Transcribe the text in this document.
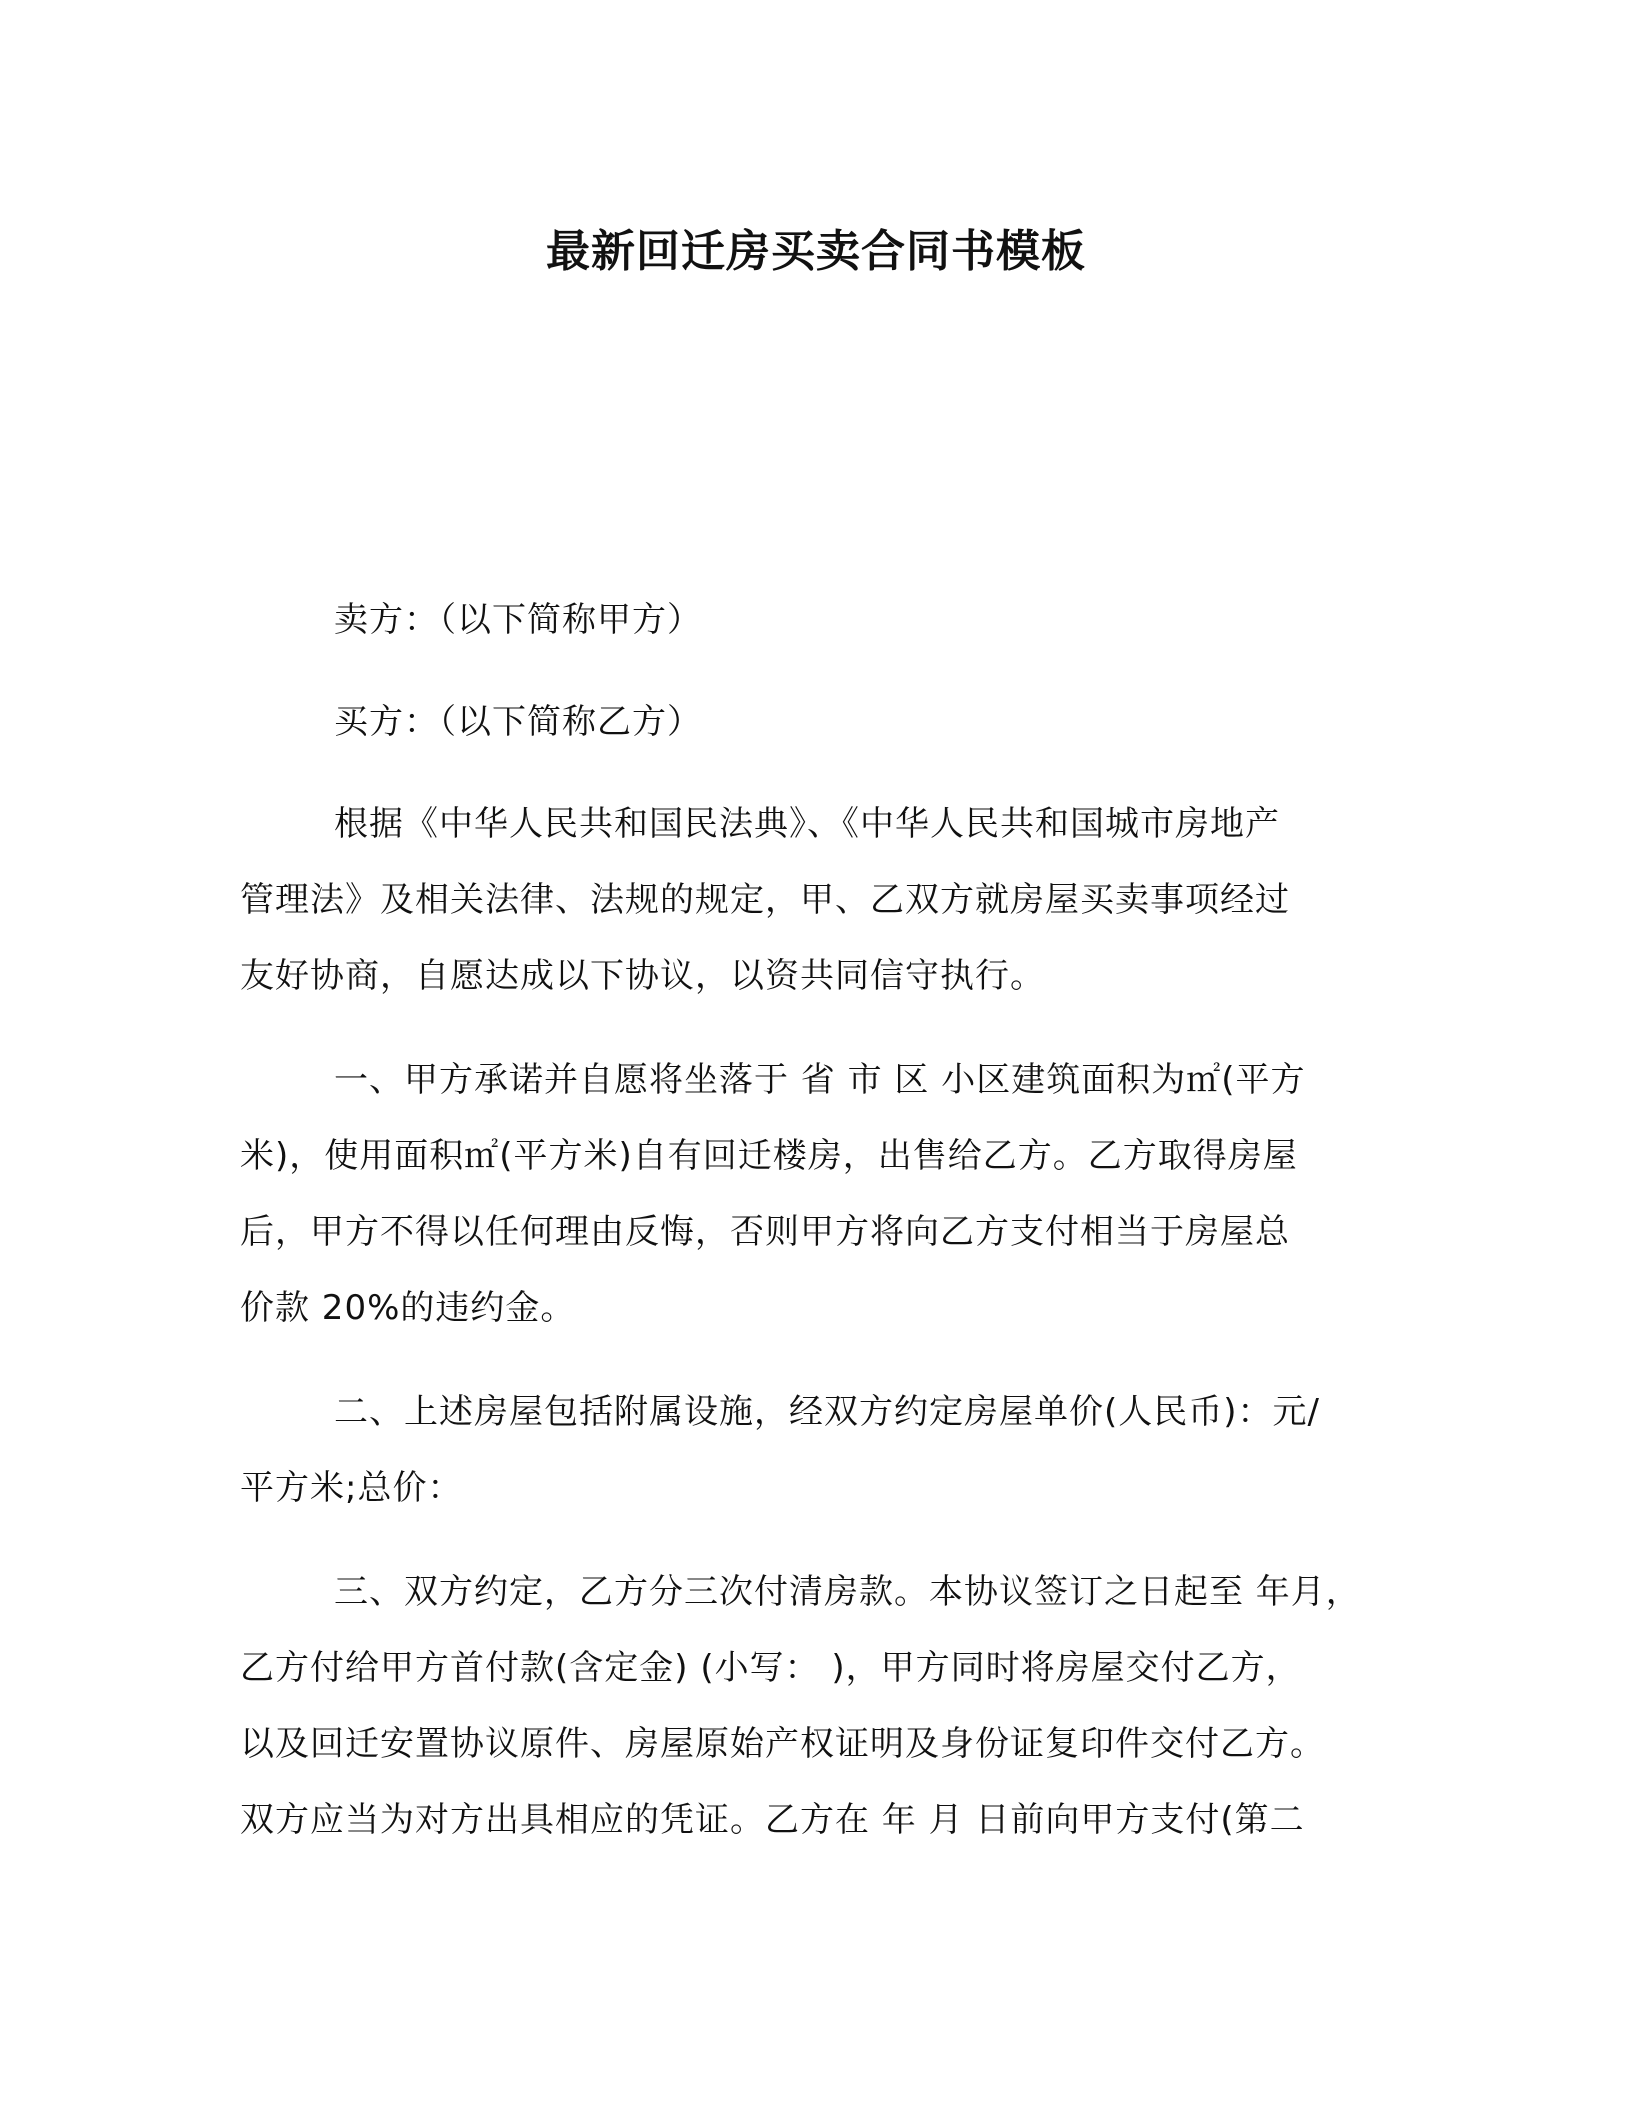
最新回迁房买卖合同书模板
卖方：（以下简称甲方）
买方：（以下简称乙方）
根据《中华人民共和国民法典》、《中华人民共和国城市房地产
管理法》及相关法律、法规的规定，甲、乙双方就房屋买卖事项经过
友好协商，自愿达成以下协议，以资共同信守执行。
一、甲方承诺并自愿将坐落于 省 市 区 小区建筑面积为㎡(平方
米)，使用面积㎡(平方米)自有回迁楼房，出售给乙方。乙方取得房屋
后，甲方不得以任何理由反悔，否则甲方将向乙方支付相当于房屋总
价款 20%的违约金。
二、上述房屋包括附属设施，经双方约定房屋单价(人民币)：元/
平方米;总价：
三、双方约定，乙方分三次付清房款。本协议签订之日起至 年月，
乙方付给甲方首付款(含定金) (小写： )，甲方同时将房屋交付乙方，
以及回迁安置协议原件、房屋原始产权证明及身份证复印件交付乙方。
双方应当为对方出具相应的凭证。乙方在 年 月 日前向甲方支付(第二
